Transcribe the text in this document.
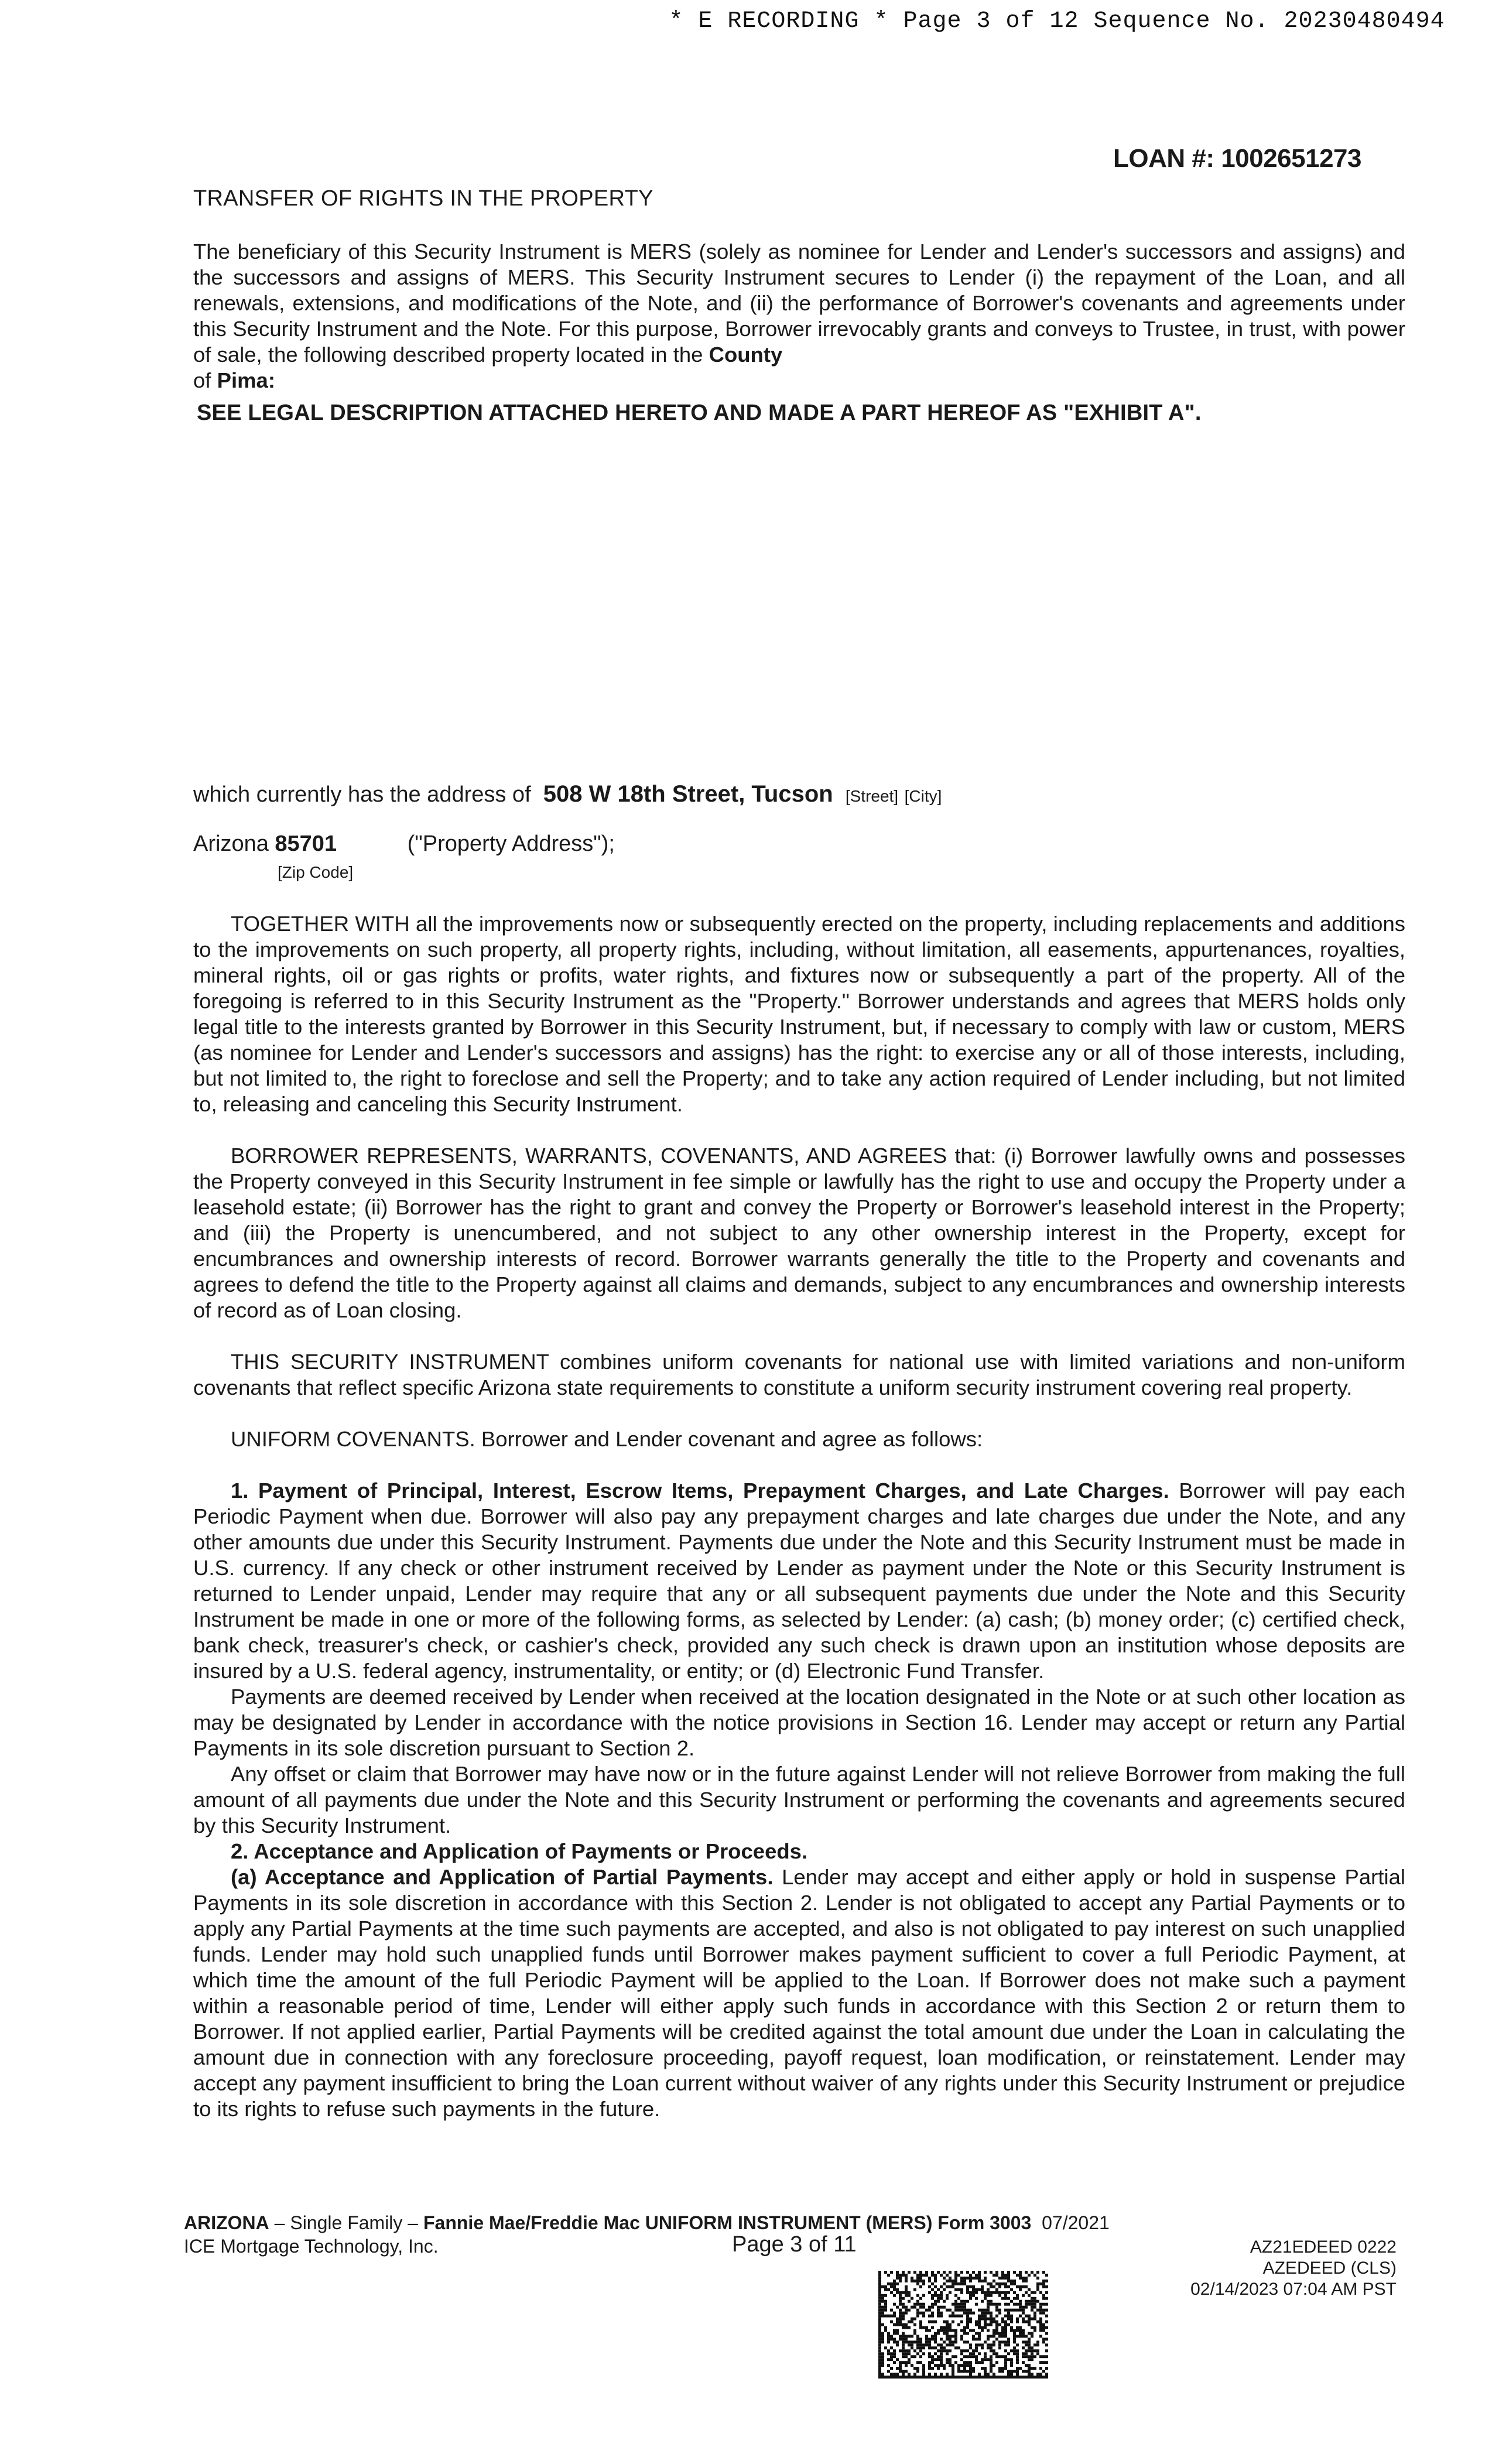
* E RECORDING * Page 3 of 12 Sequence No. 20230480494
LOAN #: 1002651273
TRANSFER OF RIGHTS IN THE PROPERTY

The beneficiary of this Security Instrument is MERS (solely as nominee for Lender and Lender's successors and assigns) and the successors and assigns of MERS. This Security Instrument secures to Lender (i) the repayment of the Loan, and all renewals, extensions, and modifications of the Note, and (ii) the performance of Borrower's covenants and agreements under this Security Instrument and the Note. For this purpose, Borrower irrevocably grants and conveys to Trustee, in trust, with power of sale, the following described property located in the County
of Pima:

SEE LEGAL DESCRIPTION ATTACHED HERETO AND MADE A PART HEREOF AS "EXHIBIT A".
which currently has the address of 508 W 18th Street, Tucson [Street] [City]
Arizona 85701	("Property Address");
[Zip Code]

TOGETHER WITH all the improvements now or subsequently erected on the property, including replacements and additions to the improvements on such property, all property rights, including, without limitation, all easements, appurtenances, royalties, mineral rights, oil or gas rights or profits, water rights, and fixtures now or subsequently a part of the property. All of the foregoing is referred to in this Security Instrument as the "Property." Borrower understands and agrees that MERS holds only legal title to the interests granted by Borrower in this Security Instrument, but, if necessary to comply with law or custom, MERS (as nominee for Lender and Lender's successors and assigns) has the right: to exercise any or all of those interests, including, but not limited to, the right to foreclose and sell the Property; and to take any action required of Lender including, but not limited to, releasing and canceling this Security Instrument.

BORROWER REPRESENTS, WARRANTS, COVENANTS, AND AGREES that: (i) Borrower lawfully owns and possesses the Property conveyed in this Security Instrument in fee simple or lawfully has the right to use and occupy the Property under a leasehold estate; (ii) Borrower has the right to grant and convey the Property or Borrower's leasehold interest in the Property; and (iii) the Property is unencumbered, and not subject to any other ownership interest in the Property, except for encumbrances and ownership interests of record. Borrower warrants generally the title to the Property and covenants and agrees to defend the title to the Property against all claims and demands, subject to any encumbrances and ownership interests of record as of Loan closing.

THIS SECURITY INSTRUMENT combines uniform covenants for national use with limited variations and non-uniform covenants that reflect specific Arizona state requirements to constitute a uniform security instrument covering real property.

UNIFORM COVENANTS. Borrower and Lender covenant and agree as follows:

1. Payment of Principal, Interest, Escrow Items, Prepayment Charges, and Late Charges. Borrower will pay each Periodic Payment when due. Borrower will also pay any prepayment charges and late charges due under the Note, and any other amounts due under this Security Instrument. Payments due under the Note and this Security Instrument must be made in U.S. currency. If any check or other instrument received by Lender as payment under the Note or this Security Instrument is returned to Lender unpaid, Lender may require that any or all subsequent payments due under the Note and this Security Instrument be made in one or more of the following forms, as selected by Lender: (a) cash; (b) money order; (c) certified check, bank check, treasurer's check, or cashier's check, provided any such check is drawn upon an institution whose deposits are insured by a U.S. federal agency, instrumentality, or entity; or (d) Electronic Fund Transfer.

Payments are deemed received by Lender when received at the location designated in the Note or at such other location as may be designated by Lender in accordance with the notice provisions in Section 16. Lender may accept or return any Partial Payments in its sole discretion pursuant to Section 2.

Any offset or claim that Borrower may have now or in the future against Lender will not relieve Borrower from making the full amount of all payments due under the Note and this Security Instrument or performing the covenants and agreements secured by this Security Instrument.

2. Acceptance and Application of Payments or Proceeds.

(a) Acceptance and Application of Partial Payments. Lender may accept and either apply or hold in suspense Partial Payments in its sole discretion in accordance with this Section 2. Lender is not obligated to accept any Partial Payments or to apply any Partial Payments at the time such payments are accepted, and also is not obligated to pay interest on such unapplied funds. Lender may hold such unapplied funds until Borrower makes payment sufficient to cover a full Periodic Payment, at which time the amount of the full Periodic Payment will be applied to the Loan. If Borrower does not make such a payment within a reasonable period of time, Lender will either apply such funds in accordance with this Section 2 or return them to Borrower. If not applied earlier, Partial Payments will be credited against the total amount due under the Loan in calculating the amount due in connection with any foreclosure proceeding, payoff request, loan modification, or reinstatement. Lender may accept any payment insufficient to bring the Loan current without waiver of any rights under this Security Instrument or prejudice to its rights to refuse such payments in the future.

ARIZONA – Single Family – Fannie Mae/Freddie Mac UNIFORM INSTRUMENT (MERS) Form 3003 07/2021
ICE Mortgage Technology, Inc.	Page 3 of 11	AZ21EDEED 0222
AZEDEED (CLS)
02/14/2023 07:04 AM PST
